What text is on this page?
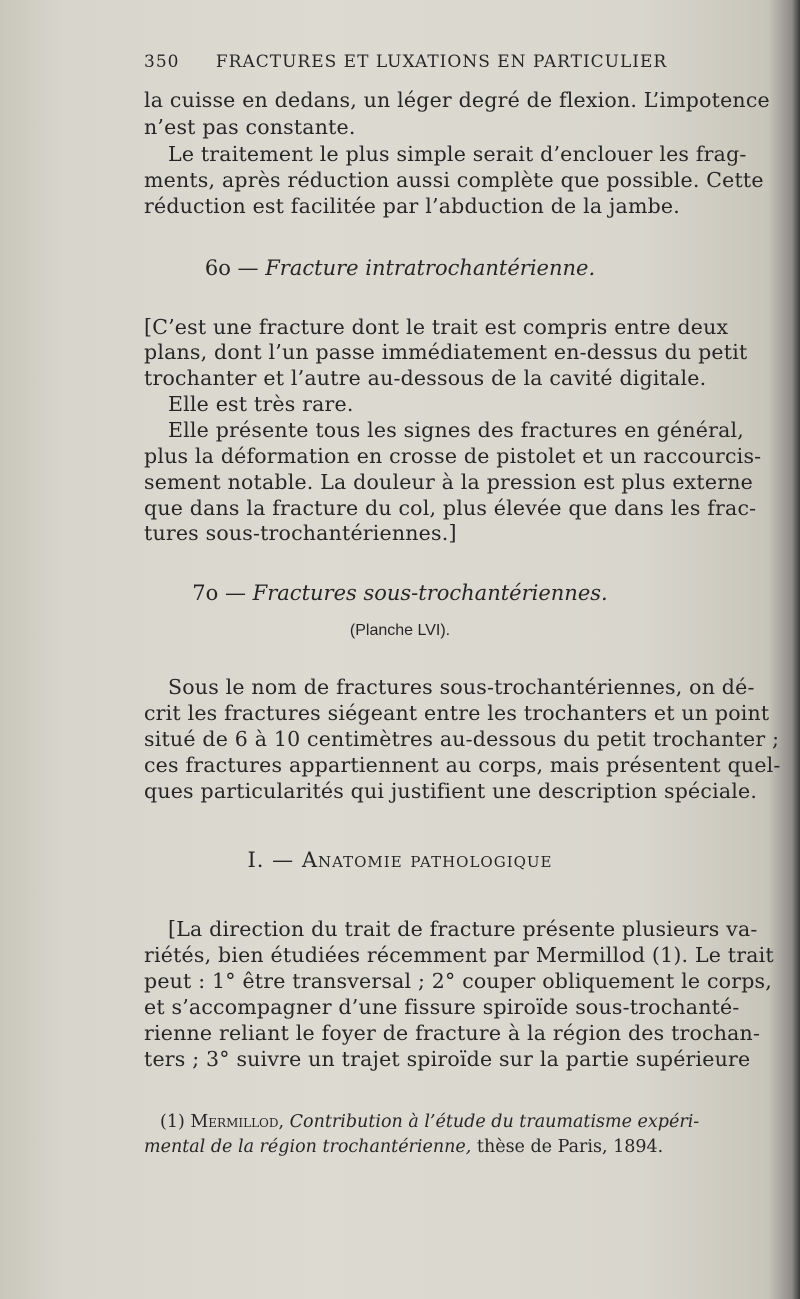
350 FRACTURES ET LUXATIONS EN PARTICULIER
la cuisse en dedans, un léger degré de flexion. L’impotence
n’est pas constante.
Le traitement le plus simple serait d’enclouer les frag-
ments, après réduction aussi complète que possible. Cette
réduction est facilitée par l’abduction de la jambe.
6o — Fracture intratrochantérienne.
[C’est une fracture dont le trait est compris entre deux
plans, dont l’un passe immédiatement en-dessus du petit
trochanter et l’autre au-dessous de la cavité digitale.
Elle est très rare.
Elle présente tous les signes des fractures en général,
plus la déformation en crosse de pistolet et un raccourcis-
sement notable. La douleur à la pression est plus externe
que dans la fracture du col, plus élevée que dans les frac-
tures sous-trochantériennes.]
7o — Fractures sous-trochantériennes.
(Planche LVI).
Sous le nom de fractures sous-trochantériennes, on dé-
crit les fractures siégeant entre les trochanters et un point
situé de 6 à 10 centimètres au-dessous du petit trochanter ;
ces fractures appartiennent au corps, mais présentent quel-
ques particularités qui justifient une description spéciale.
I. — Anatomie pathologique
[La direction du trait de fracture présente plusieurs va-
riétés, bien étudiées récemment par Mermillod (1). Le trait
peut : 1° être transversal ; 2° couper obliquement le corps,
et s’accompagner d’une fissure spiroïde sous-trochanté-
rienne reliant le foyer de fracture à la région des trochan-
ters ; 3° suivre un trajet spiroïde sur la partie supérieure
(1) Mermillod, Contribution à l’étude du traumatisme expéri-
mental de la région trochantérienne, thèse de Paris, 1894.
